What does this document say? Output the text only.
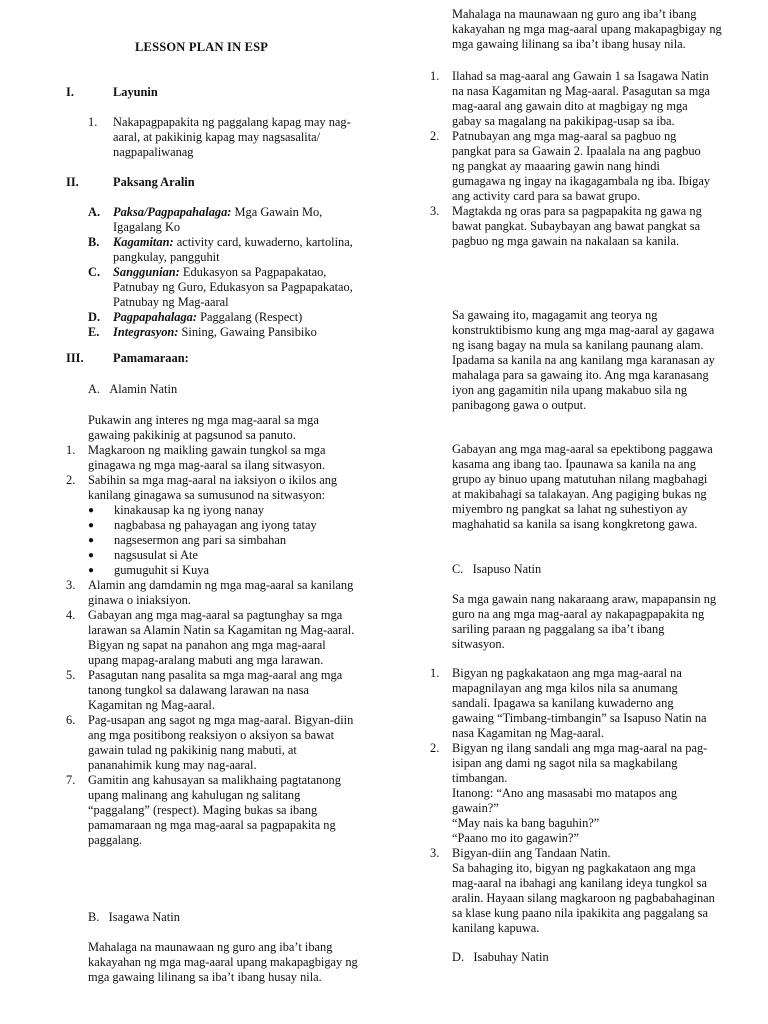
LESSON PLAN IN ESP
I.	Layunin
1. Nakapagpapakita ng paggalang kapag may nag-aaral, at pakikinig kapag may nagsasalita/ nagpapaliwanag
II.	Paksang Aralin
A. Paksa/Pagpapahalaga: Mga Gawain Mo, Igagalang Ko
B. Kagamitan: activity card, kuwaderno, kartolina, pangkulay, pangguhit
C. Sanggunian: Edukasyon sa Pagpapakatao, Patnubay ng Guro, Edukasyon sa Pagpapakatao, Patnubay ng Mag-aaral
D. Pagpapahalaga: Paggalang (Respect)
E. Integrasyon: Sining, Gawaing Pansibiko
III. Pamamaraan:
A. Alamin Natin
Pukawin ang interes ng mga mag-aaral sa mga gawaing pakikinig at pagsunod sa panuto.
1. Magkaroon ng maikling gawain tungkol sa mga ginagawa ng mga mag-aaral sa ilang sitwasyon.
2. Sabihin sa mga mag-aaral na iaksiyon o ikilos ang kanilang ginagawa sa sumusunod na sitwasyon:
● kinakausap ka ng iyong nanay
● nagbabasa ng pahayagan ang iyong tatay
● nagsesermon ang pari sa simbahan
● nagsusulat si Ate
● gumuguhit si Kuya
3. Alamin ang damdamin ng mga mag-aaral sa kanilang ginawa o iniaksiyon.
4. Gabayan ang mga mag-aaral sa pagtunghay sa mga larawan sa Alamin Natin sa Kagamitan ng Mag-aaral. Bigyan ng sapat na panahon ang mga mag-aaral upang mapag-aralang mabuti ang mga larawan.
5. Pasagutan nang pasalita sa mga mag-aaral ang mga tanong tungkol sa dalawang larawan na nasa Kagamitan ng Mag-aaral.
6. Pag-usapan ang sagot ng mga mag-aaral. Bigyan-diin ang mga positibong reaksiyon o aksiyon sa bawat gawain tulad ng pakikinig nang mabuti, at pananahimik kung may nag-aaral.
7. Gamitin ang kahusayan sa malikhaing pagtatanong upang malinang ang kahulugan ng salitang “paggalang” (respect). Maging bukas sa ibang pamamaraan ng mga mag-aaral sa pagpapakita ng paggalang.
B. Isagawa Natin
Mahalaga na maunawaan ng guro ang iba’t ibang kakayahan ng mga mag-aaral upang makapagbigay ng mga gawaing lilinang sa iba’t ibang husay nila.
Mahalaga na maunawaan ng guro ang iba’t ibang kakayahan ng mga mag-aaral upang makapagbigay ng mga gawaing lilinang sa iba’t ibang husay nila.
1. Ilahad sa mag-aaral ang Gawain 1 sa Isagawa Natin na nasa Kagamitan ng Mag-aaral. Pasagutan sa mga mag-aaral ang gawain dito at magbigay ng mga gabay sa magalang na pakikipag-usap sa iba.
2. Patnubayan ang mga mag-aaral sa pagbuo ng pangkat para sa Gawain 2. Ipaalala na ang pagbuo ng pangkat ay maaaring gawin nang hindi gumagawa ng ingay na ikagagambala ng iba. Ibigay ang activity card para sa bawat grupo.
3. Magtakda ng oras para sa pagpapakita ng gawa ng bawat pangkat. Subaybayan ang bawat pangkat sa pagbuo ng mga gawain na nakalaan sa kanila.
Sa gawaing ito, magagamit ang teorya ng konstruktibismo kung ang mga mag-aaral ay gagawa ng isang bagay na mula sa kanilang paunang alam. Ipadama sa kanila na ang kanilang mga karanasan ay mahalaga para sa gawaing ito. Ang mga karanasang iyon ang gagamitin nila upang makabuo sila ng panibagong gawa o output.
Gabayan ang mga mag-aaral sa epektibong paggawa kasama ang ibang tao. Ipaunawa sa kanila na ang grupo ay binuo upang matutuhan nilang magbahagi at makibahagi sa talakayan. Ang pagiging bukas ng miyembro ng pangkat sa lahat ng suhestiyon ay maghahatid sa kanila sa isang kongkretong gawa.
C. Isapuso Natin
Sa mga gawain nang nakaraang araw, mapapansin ng guro na ang mga mag-aaral ay nakapagpapakita ng sariling paraan ng paggalang sa iba’t ibang sitwasyon.
1. Bigyan ng pagkakataon ang mga mag-aaral na mapagnilayan ang mga kilos nila sa anumang sandali. Ipagawa sa kanilang kuwaderno ang gawaing “Timbang-timbangin” sa Isapuso Natin na nasa Kagamitan ng Mag-aaral.
2. Bigyan ng ilang sandali ang mga mag-aaral na pag-isipan ang dami ng sagot nila sa magkabilang timbangan.
Itanong: “Ano ang masasabi mo matapos ang gawain?”
“May nais ka bang baguhin?”
“Paano mo ito gagawin?”
3. Bigyan-diin ang Tandaan Natin.
Sa bahaging ito, bigyan ng pagkakataon ang mga mag-aaral na ibahagi ang kanilang ideya tungkol sa aralin. Hayaan silang magkaroon ng pagbabahaginan sa klase kung paano nila ipakikita ang paggalang sa kanilang kapuwa.
D. Isabuhay Natin
